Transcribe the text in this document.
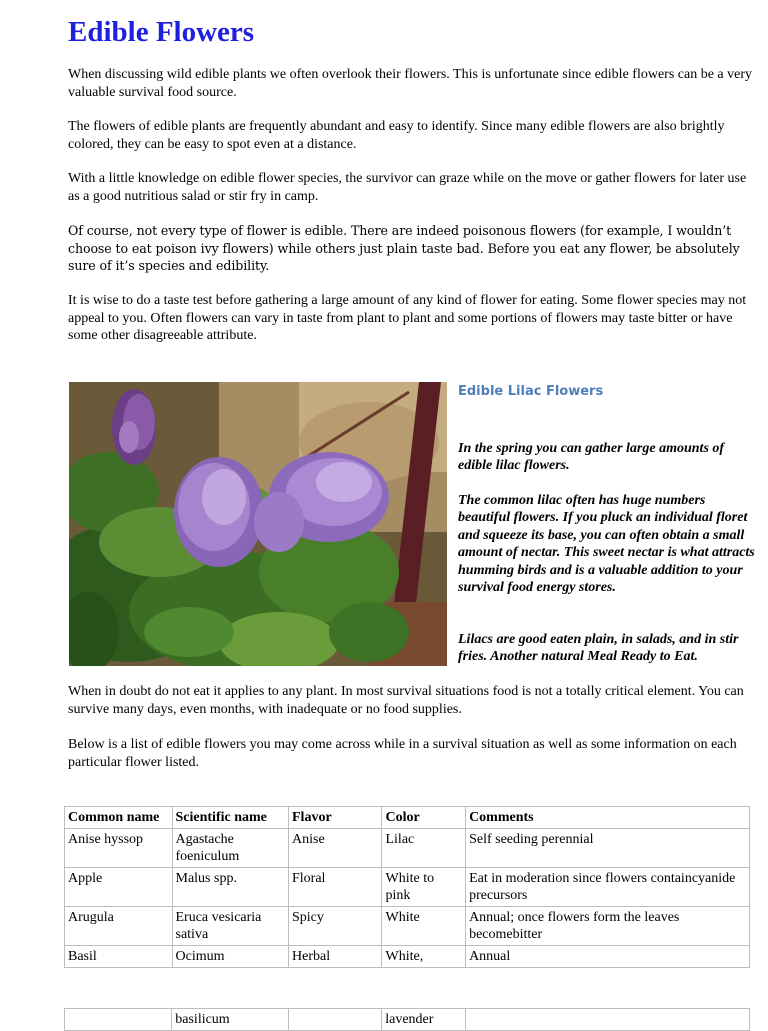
Edible Flowers

When discussing wild edible plants we often overlook their flowers. This is unfortunate since edible flowers can be a very valuable survival food source.

The flowers of edible plants are frequently abundant and easy to identify. Since many edible flowers are also brightly colored, they can be easy to spot even at a distance.

With a little knowledge on edible flower species, the survivor can graze while on the move or gather flowers for later use as a good nutritious salad or stir fry in camp.

Of course, not every type of flower is edible. There are indeed poisonous flowers (for example, I wouldn’t choose to eat poison ivy flowers) while others just plain taste bad. Before you eat any flower, be absolutely sure of it’s species and edibility.

It is wise to do a taste test before gathering a large amount of any kind of flower for eating. Some flower species may not appeal to you. Often flowers can vary in taste from plant to plant and some portions of flowers may taste bitter or have some other disagreeable attribute.

Edible Lilac Flowers

In the spring you can gather large amounts of edible lilac flowers.

The common lilac often has huge numbers beautiful flowers. If you pluck an individual floret and squeeze its base, you can often obtain a small amount of nectar. This sweet nectar is what attracts humming birds and is a valuable addition to your survival food energy stores.

Lilacs are good eaten plain, in salads, and in stir fries. Another natural Meal Ready to Eat.

When in doubt do not eat it applies to any plant. In most survival situations food is not a totally critical element. You can survive many days, even months, with inadequate or no food supplies.

Below is a list of edible flowers you may come across while in a survival situation as well as some information on each particular flower listed.

Common name	Scientific name	Flavor	Color	Comments
Anise hyssop	Agastache foeniculum	Anise	Lilac	Self seeding perennial
Apple	Malus spp.	Floral	White to pink	Eat in moderation since flowers containcyanide precursors
Arugula	Eruca vesicaria sativa	Spicy	White	Annual; once flowers form the leaves becomebitter
Basil	Ocimum	Herbal	White,	Annual
	basilicum		lavender	
